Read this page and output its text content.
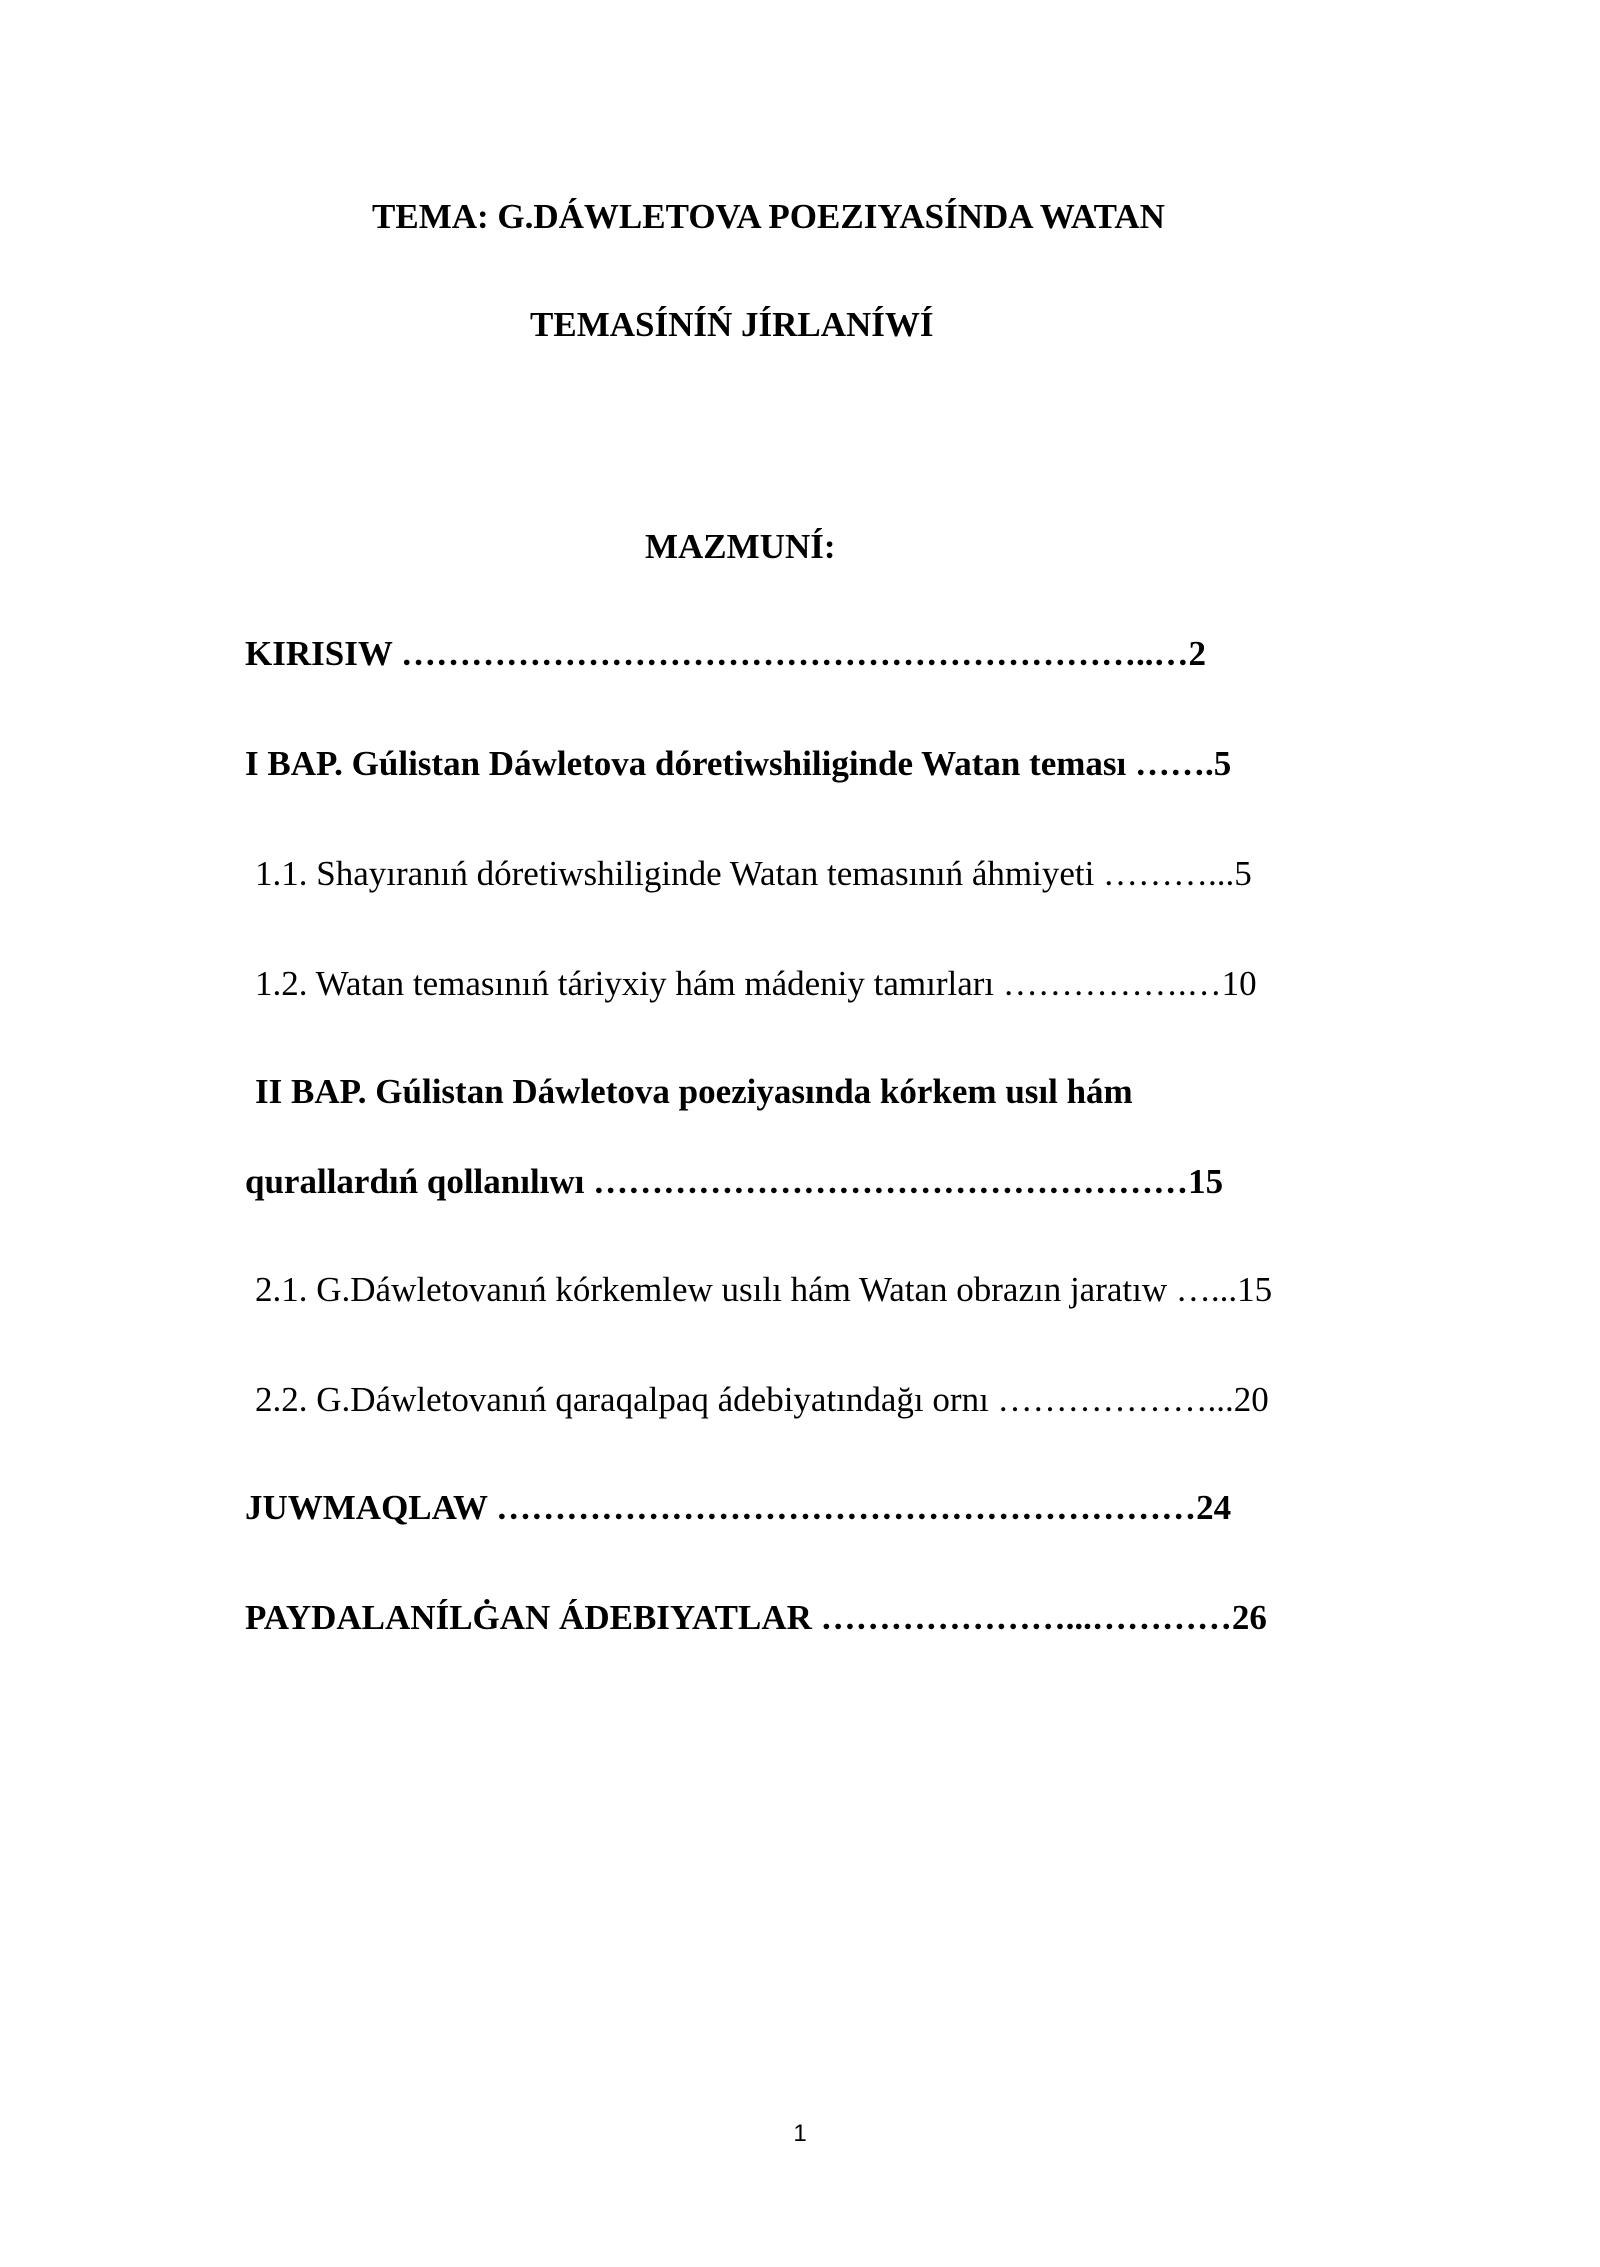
TEMA: G.DÁWLETOVA POEZIYASÍNDA WATAN
TEMASÍNÍŃ JÍRLANÍWÍ
MAZMUNÍ:
KIRISIW ………………………………………………………..…2
I BAP. Gúlistan Dáwletova dóretiwshiliginde Watan teması …….5
1.1. Shayıranıń dóretiwshiliginde Watan temasınıń áhmiyeti ………...5
1.2. Watan temasınıń táriyxiy hám mádeniy tamırları …………….…10
II BAP. Gúlistan Dáwletova poeziyasında kórkem usıl hám
qurallardıń qollanılıwı ……………………………………………15
2.1. G.Dáwletovanıń kórkemlew usılı hám Watan obrazın jaratıw …...15
2.2. G.Dáwletovanıń qaraqalpaq ádebiyatındağı ornı ………………...20
JUWMAQLAW ……………………………………………………24
PAYDALANÍLĠAN ÁDEBIYATLAR …………………...…………26
1
